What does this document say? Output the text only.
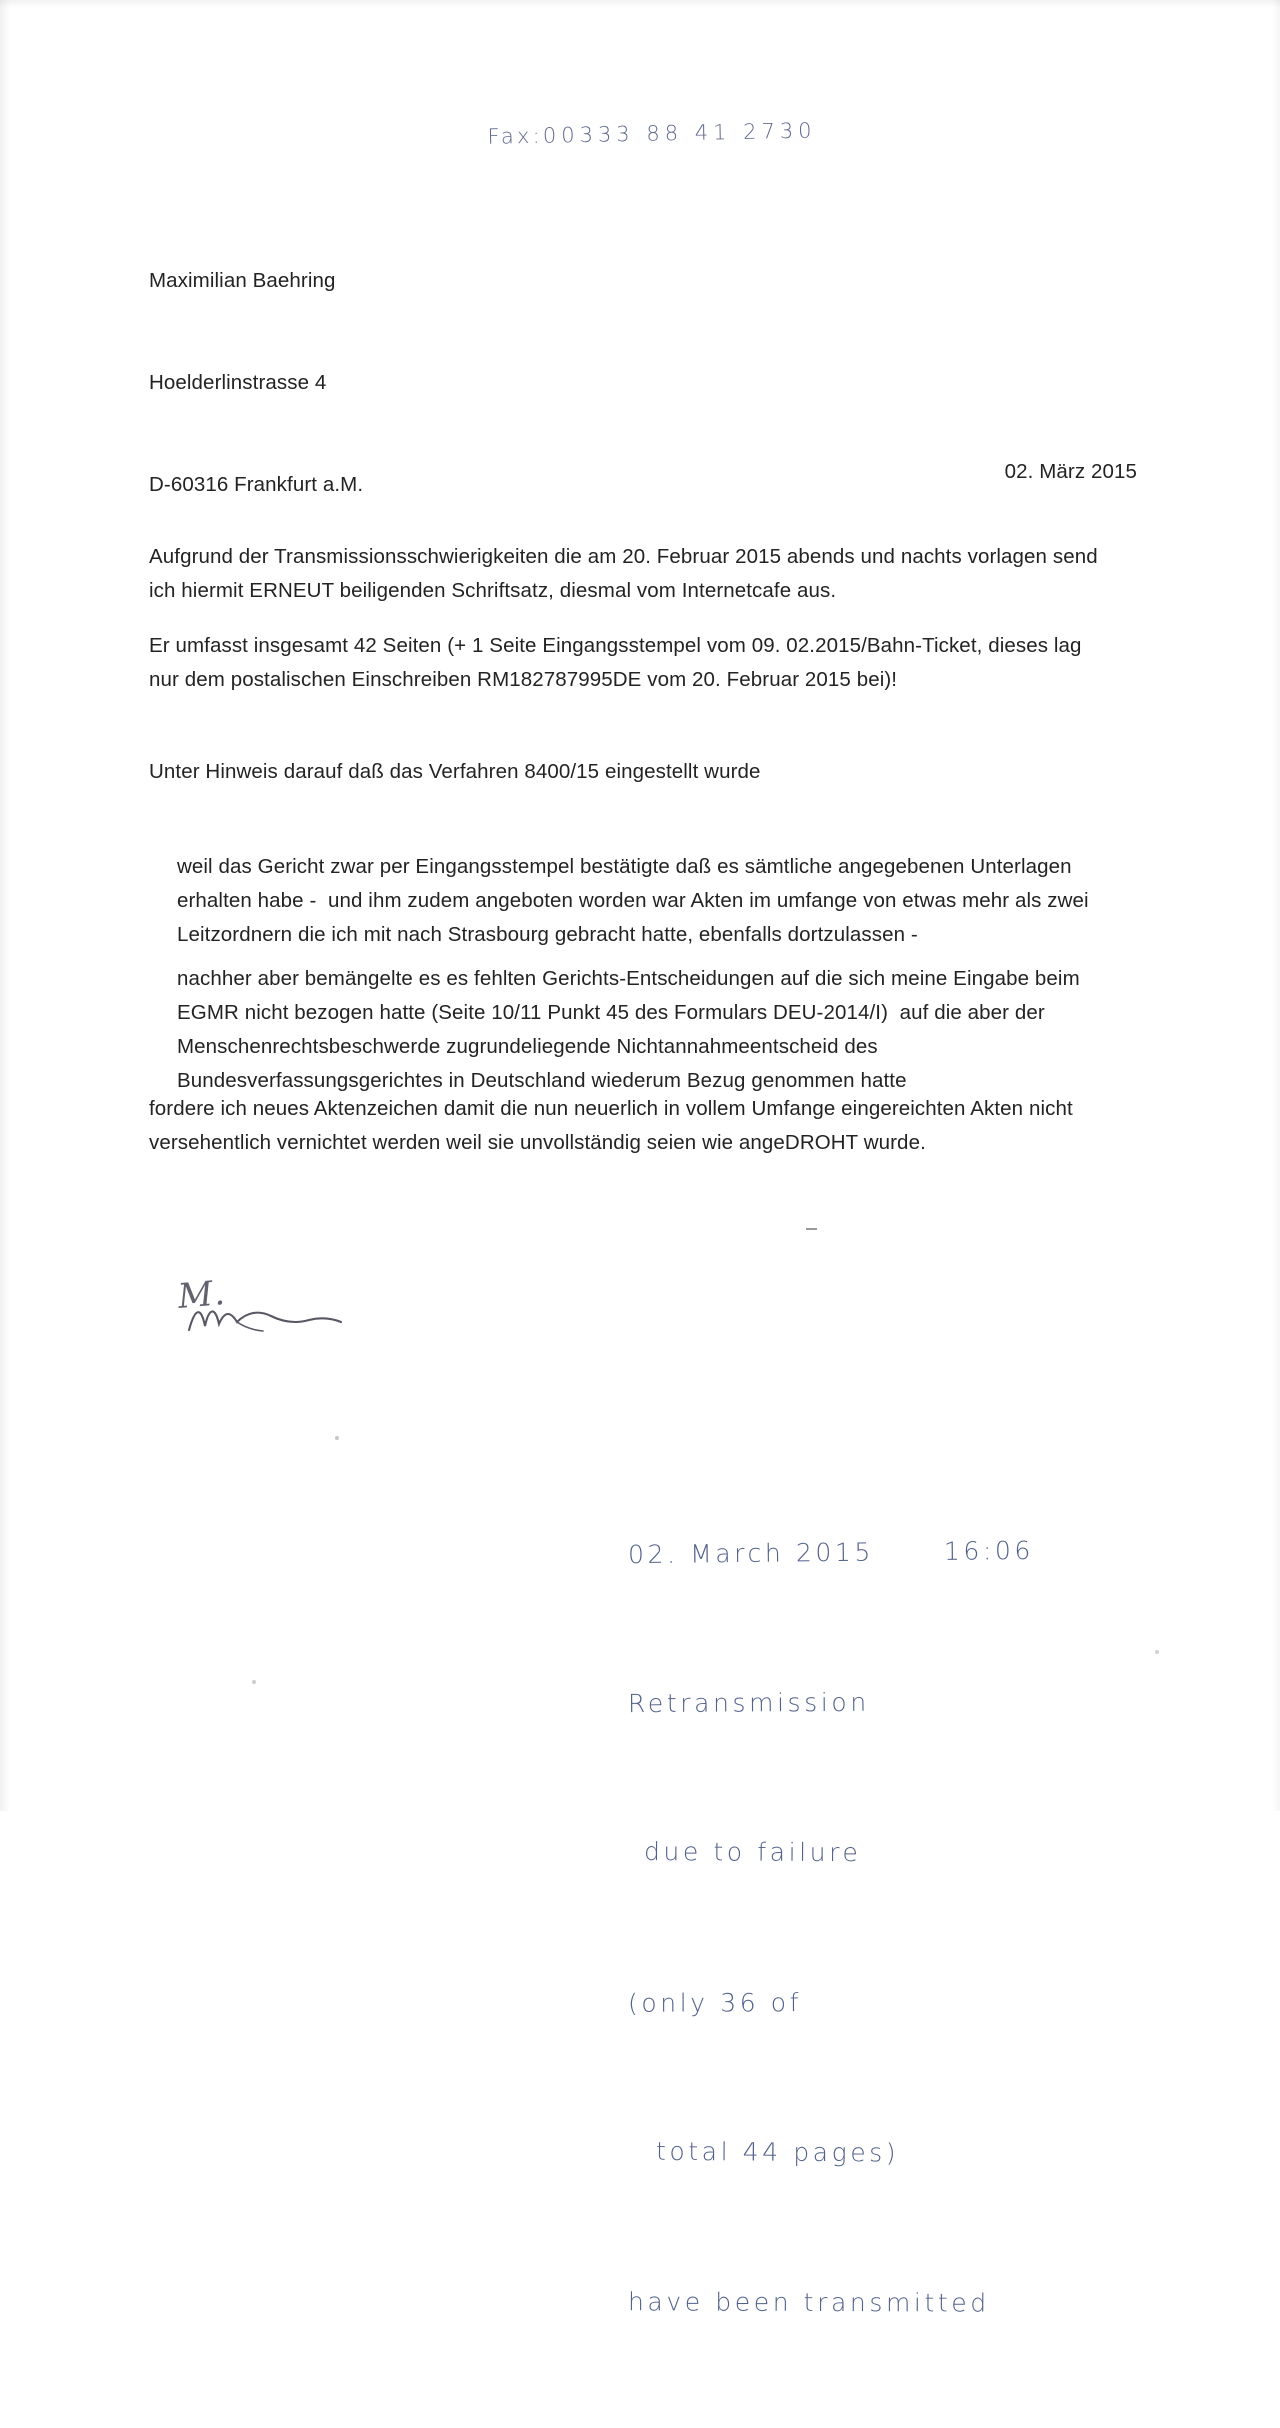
Fax:00333 88 41 2730

Maximilian Baehring

Hoelderlinstrasse 4

D-60316 Frankfurt a.M.

02. März 2015
Aufgrund der Transmissionsschwierigkeiten die am 20. Februar 2015 abends und nachts vorlagen send ich hiermit ERNEUT beiligenden Schriftsatz, diesmal vom Internetcafe aus.
Er umfasst insgesamt 42 Seiten (+ 1 Seite Eingangsstempel vom 09. 02.2015/Bahn-Ticket, dieses lag nur dem postalischen Einschreiben RM182787995DE vom 20. Februar 2015 bei)!
Unter Hinweis darauf daß das Verfahren 8400/15 eingestellt wurde
weil das Gericht zwar per Eingangsstempel bestätigte daß es sämtliche angegebenen Unterlagen erhalten habe -  und ihm zudem angeboten worden war Akten im umfange von etwas mehr als zwei Leitzordnern die ich mit nach Strasbourg gebracht hatte, ebenfalls dortzulassen -
nachher aber bemängelte es es fehlten Gerichts-Entscheidungen auf die sich meine Eingabe beim EGMR nicht bezogen hatte (Seite 10/11 Punkt 45 des Formulars DEU-2014/I)  auf die aber der Menschenrechtsbeschwerde zugrundeliegende Nichtannahmeentscheid des Bundesverfassungsgerichtes in Deutschland wiederum Bezug genommen hatte
fordere ich neues Aktenzeichen damit die nun neuerlich in vollem Umfange eingereichten Akten nicht versehentlich vernichtet werden weil sie unvollständig seien wie angeDROHT wurde.
M.

02. March 2015	16:06

Retransmission

due to failure

(only 36 of

total 44 pages)

have been transmitted
